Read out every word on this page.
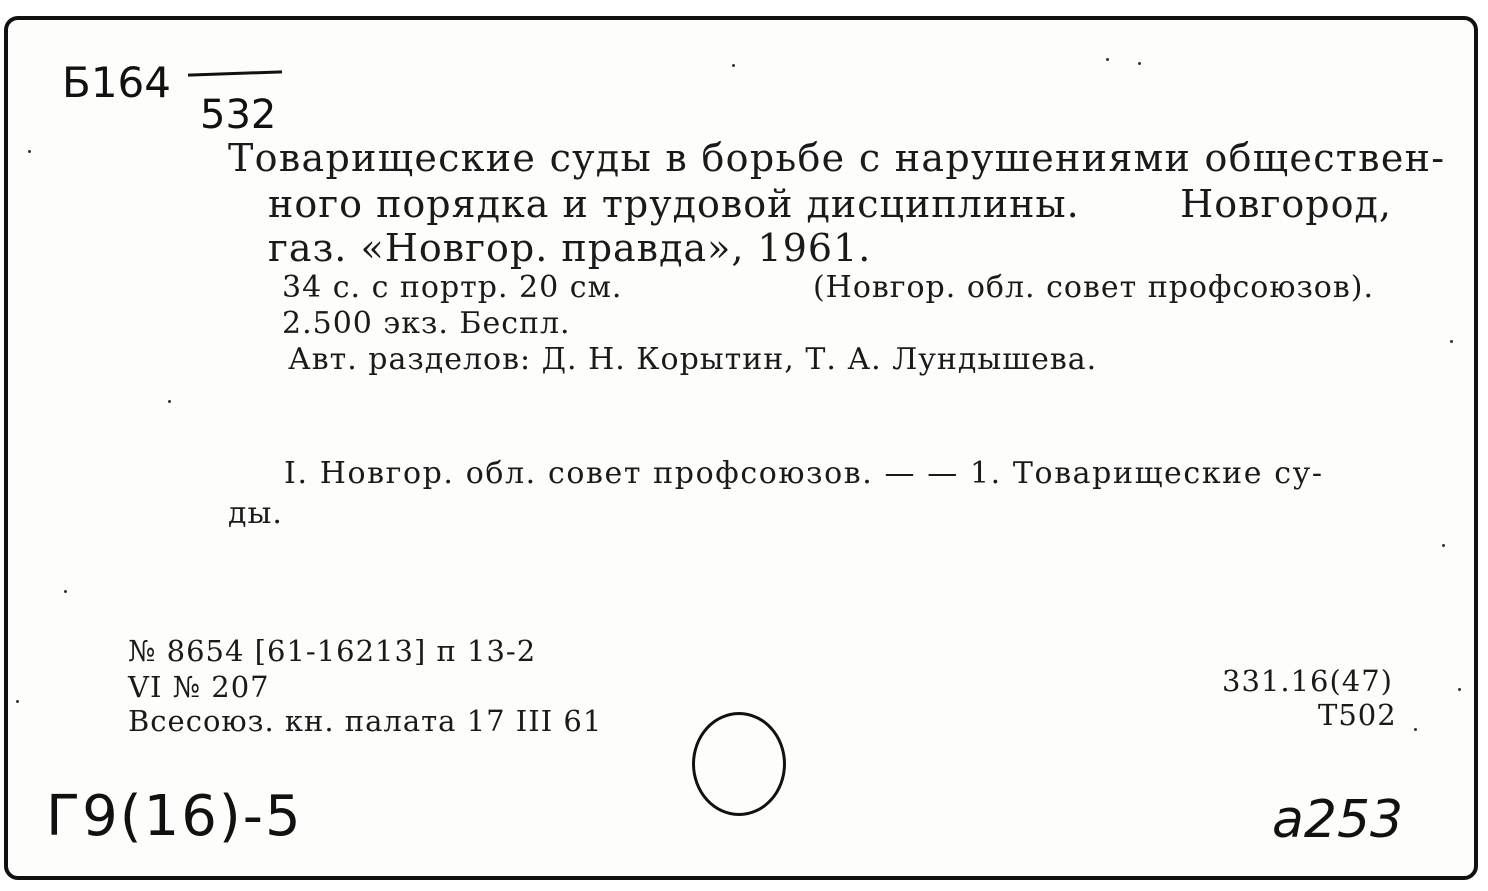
Б164
532
Товарищеские суды в борьбе с нарушениями обществен-
ного порядка и трудовой дисциплины.	Новгород,
газ. «Новгор. правда», 1961.
34 с. с портр. 20 см.	(Новгор. обл. совет профсоюзов).
2.500 экз. Беспл.
Авт. разделов: Д. Н. Корытин, Т. А. Лундышева.
I. Новгор. обл. совет профсоюзов. — — 1. Товарищеские су-
ды.
№ 8654 [61-16213] п 13-2
VI № 207
Всесоюз. кн. палата 17 III 61
331.16(47)
Т502
Г9(16)-5	а253
